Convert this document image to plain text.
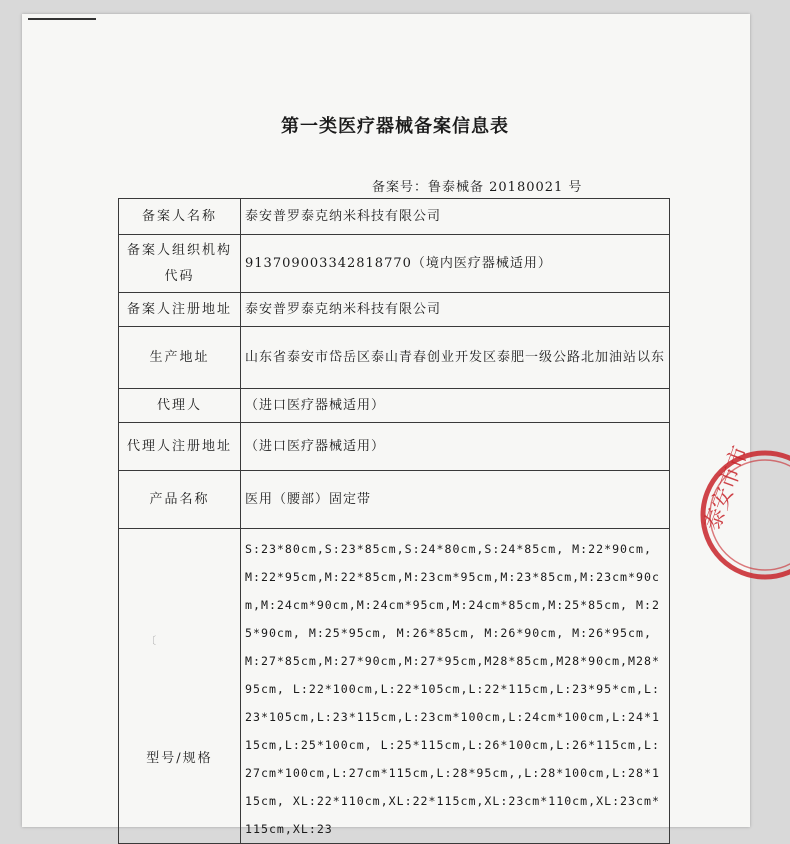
第一类医疗器械备案信息表
备案号：鲁泰械备 20180021 号
备案人名称	泰安普罗泰克纳米科技有限公司
备案人组织机构代码	913709003342818770（境内医疗器械适用）
备案人注册地址	泰安普罗泰克纳米科技有限公司
生产地址	山东省泰安市岱岳区泰山青春创业开发区泰肥一级公路北加油站以东
代理人	（进口医疗器械适用）
代理人注册地址	（进口医疗器械适用）
产品名称	医用（腰部）固定带
型号/规格	S:23*80cm,S:23*85cm,S:24*80cm,S:24*85cm, M:22*90cm,M:22*95cm,M:22*85cm,M:23cm*95cm,M:23*85cm,M:23cm*90cm,M:24cm*90cm,M:24cm*95cm,M:24cm*85cm,M:25*85cm, M:25*90cm, M:25*95cm, M:26*85cm, M:26*90cm, M:26*95cm, M:27*85cm,M:27*90cm,M:27*95cm,M28*85cm,M28*90cm,M28*95cm, L:22*100cm,L:22*105cm,L:22*115cm,L:23*95*cm,L:23*105cm,L:23*115cm,L:23cm*100cm,L:24cm*100cm,L:24*115cm,L:25*100cm, L:25*115cm,L:26*100cm,L:26*115cm,L:27cm*100cm,L:27cm*115cm,L:28*95cm,,L:28*100cm,L:28*115cm, XL:22*110cm,XL:22*115cm,XL:23cm*110cm,XL:23cm*115cm,XL:23
〔
泰安市市
